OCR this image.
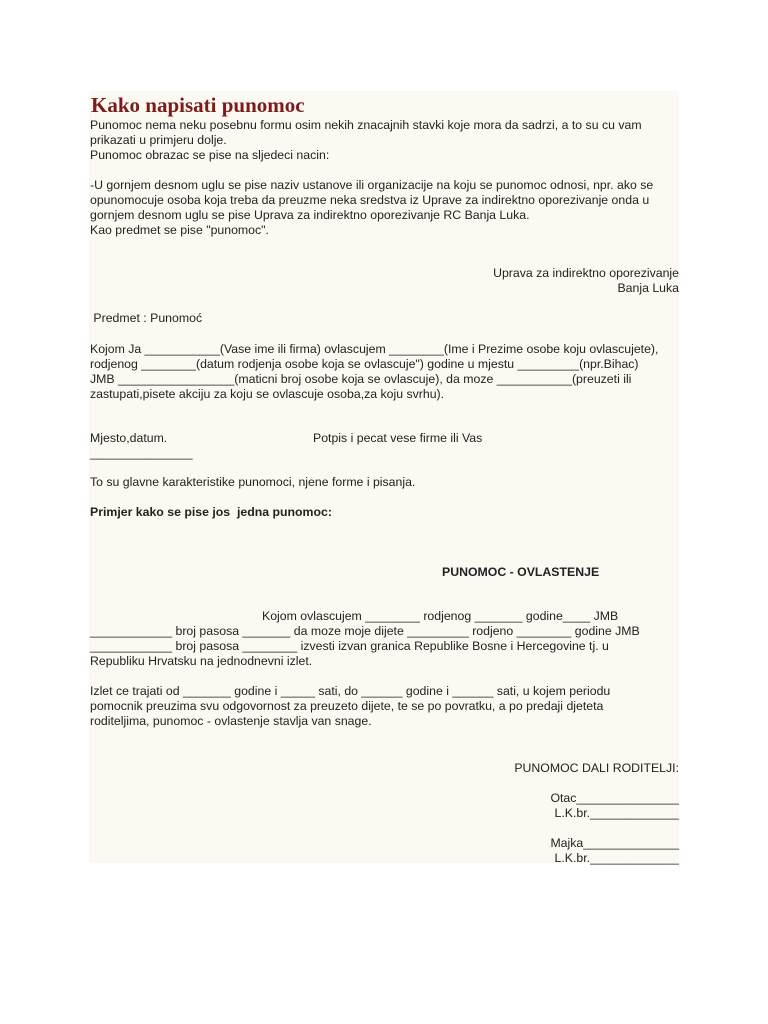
Kako napisati punomoc
Punomoc nema neku posebnu formu osim nekih znacajnih stavki koje mora da sadrzi, a to su cu vam
prikazati u primjeru dolje.
Punomoc obrazac se pise na sljedeci nacin:
-U gornjem desnom uglu se pise naziv ustanove ili organizacije na koju se punomoc odnosi, npr. ako se
opunomocuje osoba koja treba da preuzme neka sredstva iz Uprave za indirektno oporezivanje onda u
gornjem desnom uglu se pise Uprava za indirektno oporezivanje RC Banja Luka.
Kao predmet se pise "punomoc".
Uprava za indirektno oporezivanje
Banja Luka
Predmet : Punomoć
Kojom Ja ___________(Vase ime ili firma) ovlascujem ________(Ime i Prezime osobe koju ovlascujete),
rodjenog ________(datum rodjenja osobe koja se ovlascuje") godine u mjestu _________(npr.Bihac)
JMB _________________(maticni broj osobe koja se ovlascuje), da moze ___________(preuzeti ili
zastupati,pisete akciju za koju se ovlascuje osoba,za koju svrhu).
Mjesto,datum.	Potpis i pecat vese firme ili Vas
_______________
To su glavne karakteristike punomoci, njene forme i pisanja.
Primjer kako se pise jos  jedna punomoc:
PUNOMOC - OVLASTENJE
Kojom ovlascujem ________ rodjenog _______ godine____ JMB
____________ broj pasosa _______ da moze moje dijete _________ rodjeno ________ godine JMB
____________ broj pasosa ________ izvesti izvan granica Republike Bosne i Hercegovine tj. u
Republiku Hrvatsku na jednodnevni izlet.
Izlet ce trajati od _______ godine i _____ sati, do ______ godine i ______ sati, u kojem periodu
pomocnik preuzima svu odgovornost za preuzeto dijete, te se po povratku, a po predaji djeteta
roditeljima, punomoc - ovlastenje stavlja van snage.
PUNOMOC DALI RODITELJI:
Otac_______________
L.K.br._____________
Majka______________
L.K.br._____________
